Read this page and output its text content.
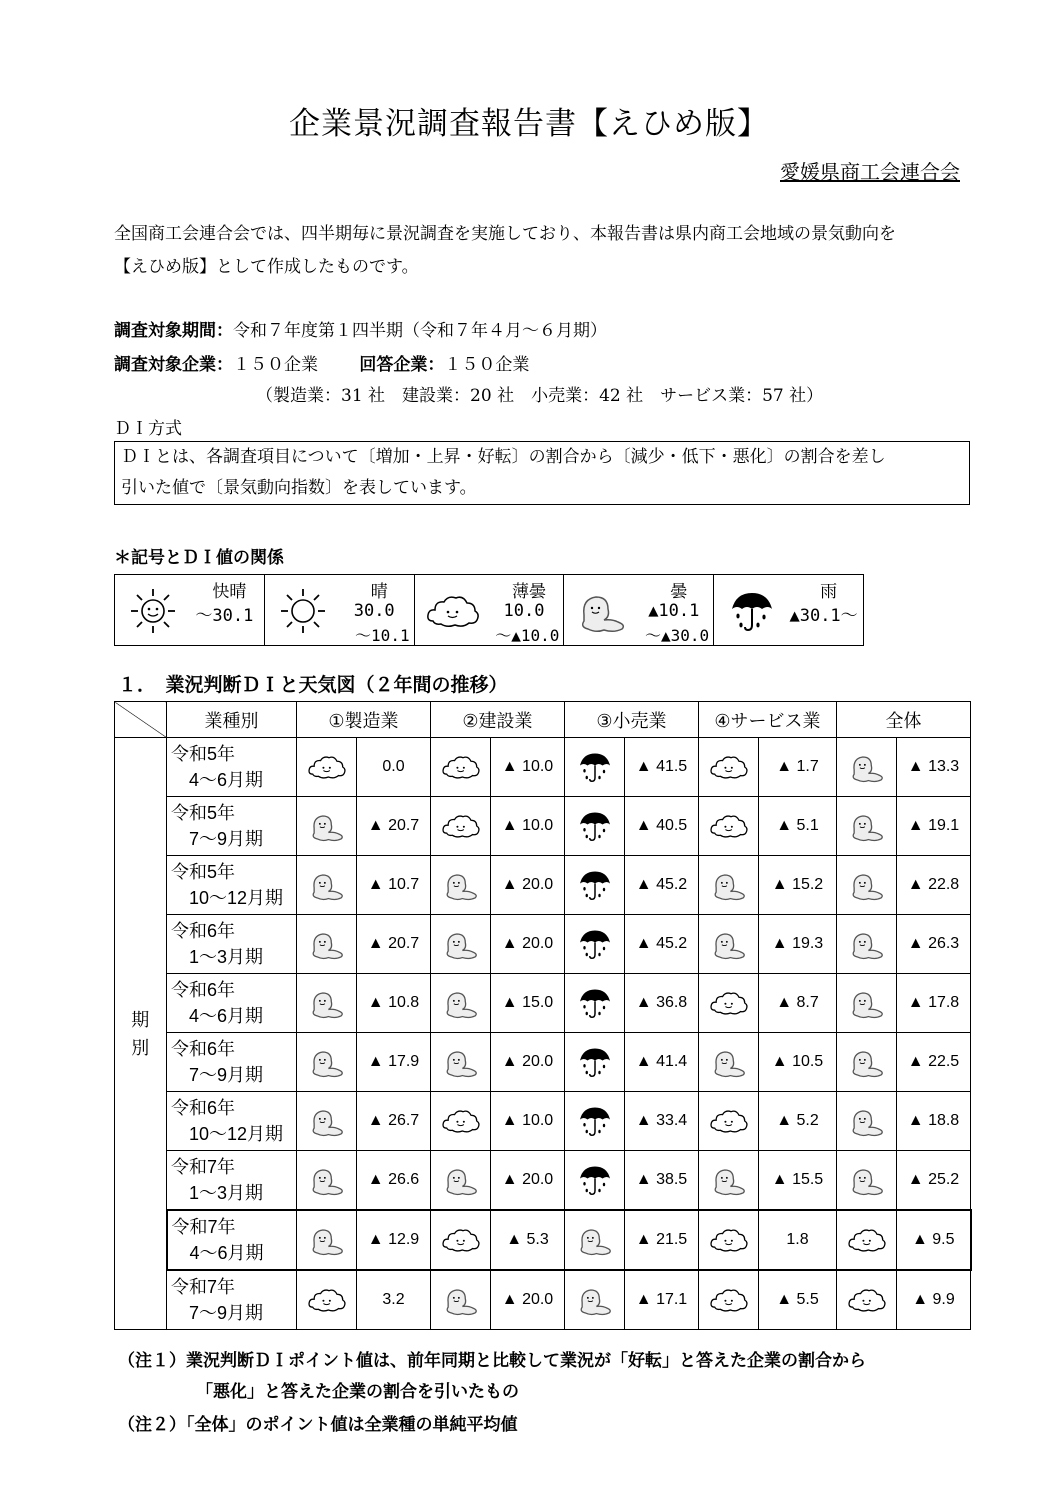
企業景況調査報告書【えひめ版】
愛媛県商工会連合会
全国商工会連合会では、四半期毎に景況調査を実施しており、本報告書は県内商工会地域の景気動向を
【えひめ版】として作成したものです。
調査対象期間：令和７年度第１四半期（令和７年４月～６月期）
調査対象企業：１５０企業 回答企業：１５０企業
（製造業：31 社　建設業：20 社　小売業：42 社　サービス業：57 社）
ＤＩ方式
ＤＩとは、各調査項目について〔増加・上昇・好転〕の割合から〔減少・低下・悪化〕の割合を差し
引いた値で〔景気動向指数〕を表しています。
＊記号とＤＩ値の関係
快晴
～30.1
晴
30.0
～10.1
薄曇
10.0
～▲10.0
曇
▲10.1
～▲30.0
雨
▲30.1～
１．　業況判断ＤＩと天気図（２年間の推移）
	業種別	①製造業		②建設業		③小売業		④サービス業		全体	
期別	令和5年
4～6月期		0.0		▲ 10.0		▲ 41.5		▲ 1.7		▲ 13.3

	令和5年
7～9月期		▲ 20.7		▲ 10.0		▲ 40.5		▲ 5.1		▲ 19.1

	令和5年
10～12月期		▲ 10.7		▲ 20.0		▲ 45.2		▲ 15.2		▲ 22.8

	令和6年
1～3月期		▲ 20.7		▲ 20.0		▲ 45.2		▲ 19.3		▲ 26.3

	令和6年
4～6月期		▲ 10.8		▲ 15.0		▲ 36.8		▲ 8.7		▲ 17.8

	令和6年
7～9月期		▲ 17.9		▲ 20.0		▲ 41.4		▲ 10.5		▲ 22.5

	令和6年
10～12月期		▲ 26.7		▲ 10.0		▲ 33.4		▲ 5.2		▲ 18.8

	令和7年
1～3月期		▲ 26.6		▲ 20.0		▲ 38.5		▲ 15.5		▲ 25.2

	令和7年
4～6月期		▲ 12.9		▲ 5.3		▲ 21.5		1.8		▲ 9.5

	令和7年
7～9月期		3.2		▲ 20.0		▲ 17.1		▲ 5.5		▲ 9.9
（注１）業況判断ＤＩポイント値は、前年同期と比較して業況が「好転」と答えた企業の割合から
「悪化」と答えた企業の割合を引いたもの
（注２）「全体」のポイント値は全業種の単純平均値
